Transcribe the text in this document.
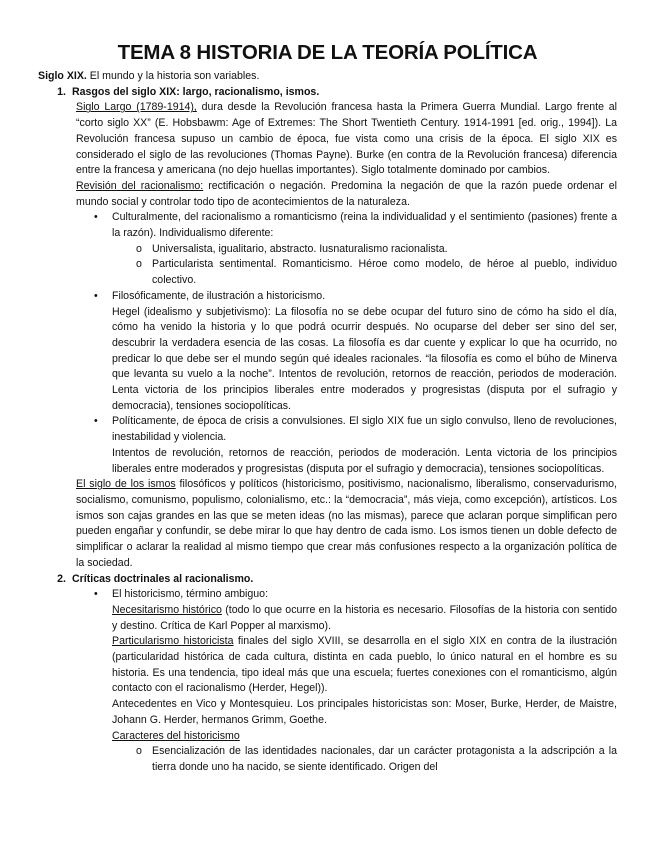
TEMA 8 HISTORIA DE LA TEORÍA POLÍTICA

Siglo XIX. El mundo y la historia son variables.

1. Rasgos del siglo XIX: largo, racionalismo, ismos.

Siglo Largo (1789-1914), dura desde la Revolución francesa hasta la Primera Guerra Mundial. Largo frente al “corto siglo XX” (E. Hobsbawm: Age of Extremes: The Short Twentieth Century. 1914-1991 [ed. orig., 1994]). La Revolución francesa supuso un cambio de época, fue vista como una crisis de la época. El siglo XIX es considerado el siglo de las revoluciones (Thomas Payne). Burke (en contra de la Revolución francesa) diferencia entre la francesa y americana (no dejo huellas importantes). Siglo totalmente dominado por cambios.

Revisión del racionalismo: rectificación o negación. Predomina la negación de que la razón puede ordenar el mundo social y controlar todo tipo de acontecimientos de la naturaleza.

•	Culturalmente, del racionalismo a romanticismo (reina la individualidad y el sentimiento (pasiones) frente a la razón). Individualismo diferente:
o Universalista, igualitario, abstracto. Iusnaturalismo racionalista.
o Particularista sentimental. Romanticismo. Héroe como modelo, de héroe al pueblo, individuo colectivo.
•	Filosóficamente, de ilustración a historicismo.
Hegel (idealismo y subjetivismo): La filosofía no se debe ocupar del futuro sino de cómo ha sido el día, cómo ha venido la historia y lo que podrá ocurrir después. No ocuparse del deber ser sino del ser, descubrir la verdadera esencia de las cosas. La filosofía es dar cuente y explicar lo que ha ocurrido, no predicar lo que debe ser el mundo según qué ideales racionales. “la filosofía es como el búho de Minerva que levanta su vuelo a la noche”. Intentos de revolución, retornos de reacción, periodos de moderación. Lenta victoria de los principios liberales entre moderados y progresistas (disputa por el sufragio y democracia), tensiones sociopolíticas.
•	Políticamente, de época de crisis a convulsiones. El siglo XIX fue un siglo convulso, lleno de revoluciones, inestabilidad y violencia.
Intentos de revolución, retornos de reacción, periodos de moderación. Lenta victoria de los principios liberales entre moderados y progresistas (disputa por el sufragio y democracia), tensiones sociopolíticas.

El siglo de los ismos filosóficos y políticos (historicismo, positivismo, nacionalismo, liberalismo, conservadurismo, socialismo, comunismo, populismo, colonialismo, etc.: la “democracia”, más vieja, como excepción), artísticos. Los ismos son cajas grandes en las que se meten ideas (no las mismas), parece que aclaran porque simplifican pero pueden engañar y confundir, se debe mirar lo que hay dentro de cada ismo. Los ismos tienen un doble defecto de simplificar o aclarar la realidad al mismo tiempo que crear más confusiones respecto a la organización política de la sociedad.

2. Críticas doctrinales al racionalismo.
•	El historicismo, término ambiguo:
Necesitarismo histórico (todo lo que ocurre en la historia es necesario. Filosofías de la historia con sentido y destino. Crítica de Karl Popper al marxismo).
Particularismo historicista finales del siglo XVIII, se desarrolla en el siglo XIX en contra de la ilustración (particularidad histórica de cada cultura, distinta en cada pueblo, lo único natural en el hombre es su historia. Es una tendencia, tipo ideal más que una escuela; fuertes conexiones con el romanticismo, algún contacto con el racionalismo (Herder, Hegel)).
Antecedentes en Vico y Montesquieu. Los principales historicistas son: Moser, Burke, Herder, de Maistre, Johann G. Herder, hermanos Grimm, Goethe.
Caracteres del historicismo
o Esencialización de las identidades nacionales, dar un carácter protagonista a la adscripción a la tierra donde uno ha nacido, se siente identificado. Origen del
